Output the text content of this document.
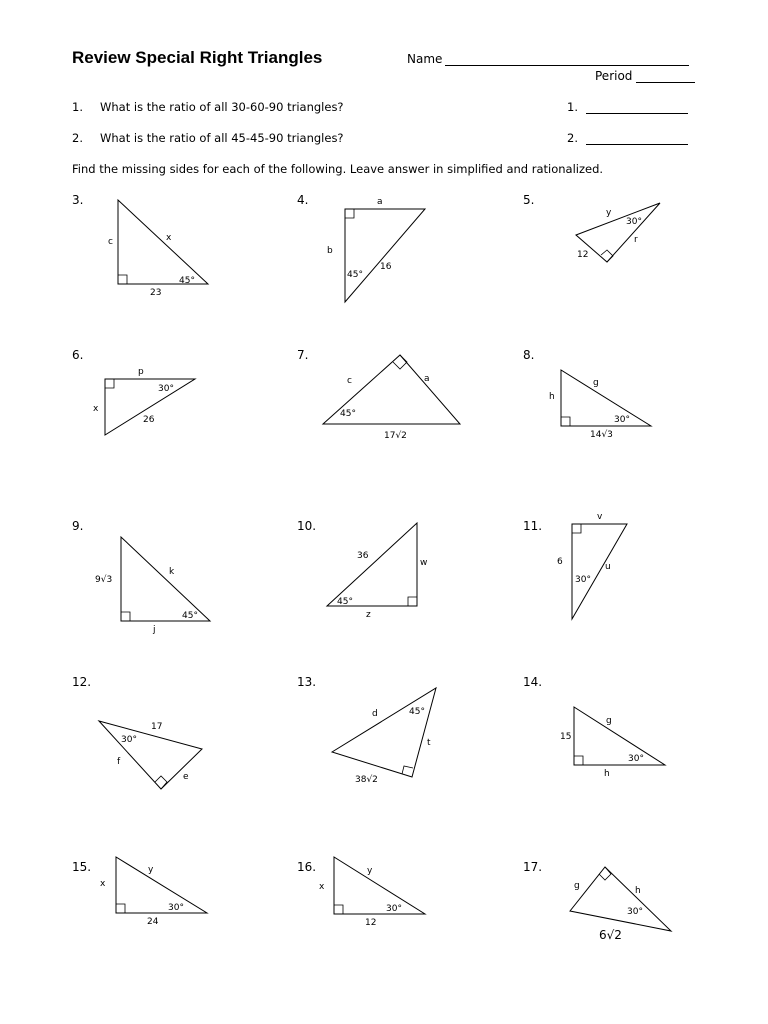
Review Special Right Triangles	Name
Period
1. What is the ratio of all 30-60-90 triangles?	1.
2. What is the ratio of all 45-45-90 triangles?	2.
Find the missing sides for each of the following. Leave answer in simplified and rationalized.
3.	4.	5.
6.	7.	8.
9.	10.	11.
12.	13.	14.
15.	16.	17.
c	x
45°
23
a
b
16
45°
y
30°
r
12
p
30°
x
26
c	a
45°
17√2
g
h
30°
14√3
k
9√3
45°
j
36
w
45°
z
v
6	u
30°
17
30°
f
e
d	45°
t
38√2
g
15
30°
h
y
x
30°
24
y
x
30°
12
g	h
30°
6√2
